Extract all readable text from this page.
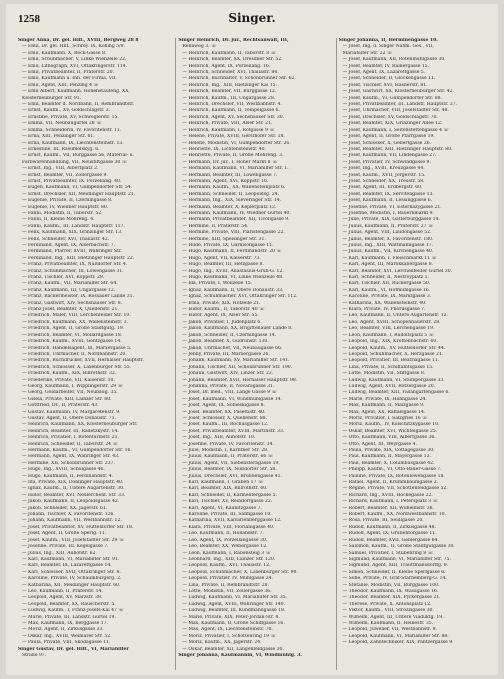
1258	Singer.
Singer Anna, Dr. gel. Hilf., XVIII, Bergweg 28 8
— Emil, Dr. gel. Hilf., Schrey. IX, Kolling 5/9.
— Emil, Kaufmann, X, Beck-Gasse 8.
— Emil, Schuhmacher, V, Linke Wienzeile 22.
— Emil, Lithograph, XVI, Ottakringerstr. 114.
— Emil, Privatbeamter, II, Praterstr. 20.
— Emil, Kaufmann u. Inh. der Firma, VII.
— Emil, Agent, XIII, Penzing 4 ☏
— Emil Albert, Kaufmann, Hohenstaufeng. XX,
Klosterneuburger Str. 91.
— Emil, Beamter d. Nordbahn, II, Rembrandtstr.
— Ernst, Kaufm., XV, Goldschlagstr. 3.
— Ernstine, Private, XV, Schweglerstr. 15.
— Emma, VII, Neubaugürtel 28 ☏
— Emma, Schneiderin, IV, Favoritenstr. 11.
— Erna, XIII, Penzinger Str. 61.
— Erna, Kaufmann, IX, Liechtensteinstr. 13.
— Ernestine, III, Rasumofskyg. 6.
— Ernst, Kaufm., VII, Burggasse 56, Material- u.
Farbwarenhandlung, VII, Neustiftgasse 30 ☏
— Ernst, Ing., VIII, Albertplatz 2.
— Ernst, Beamter, VII, Zollergasse 9.
— Ernst, Privatbeamter, IX, Porzellang. 40.
— Eugen, Kaufmann, VI, Gumpendorfer Str. 54.
— Ernst, Drechsler, XII, Meidlinger Hauptstr. 21.
— Eugenie, Private, II, Czerningasse 8.
— Eugenie, IV, Wiedner Hauptstr. 80.
— Fanni, Modistin, II, Taborstr. 52.
— Fanni, II, Kleine Mohreng. 4.
— Fanni, Kaufm., III, Landstr. Hauptstr. 117.
— Felix, Kaufmann, XIX, Grinzinger Str. 13.
— Felix, Schneider, XVI, Thaliastr. 42.
— Ferdinand, Agent, IX, Alserbachstr. 7.
— Ferdinand, Pfarrer, XVIII, Währinger Str.
— Ferdinand, Ing., XIII, Hietzinger Hauptstr. 22.
— Franz, Privatbeamter, IX, Nußdorfer Str. 4.
— Franz, Schuhmacher, III, Löwengasse 31.
— Franz, Tischler, XVI, Koppstr. 29.
— Franz, Kaufm., VII, Mariahilfer Str. 64.
— Franz, Kaufmann, III, Ungargasse 12.
— Franz, Bäckermeister, IX, Rossauer Lände 31.
— Franz, Gastwirt, XIV, Sechshauser Str. 8.
— Franz Josef, Beamter, X, Quellenstr. 21.
— Friedrich, Maler, VIII, Lerchenfelder Str. 10.
— Friedrich, Kaufmann, XX, Wallensteinstr. 3.
— Friedrich, Agent, II, Große Stadtgutg. 19.
— Friedrich, Beamter, VI, Mollardgasse 18.
— Friedrich, Kaufm., XVIII, Gentzgasse 14.
— Friedrich, Handelsagent, III, Marxergasse 5.
— Friedrich, Uhrmacher, II, Nordbahnstr. 20.
— Friedrich, Buchdrucker, XVII, Hernalser Hauptstr.
— Friedrich, Schlosser, X, Laxenburger Str. 55.
— Friedrich, Kaufm., XIX, Billrothstr. 32.
— Friederike, Private, VII, Kaiserstr. 10.
— Georg, Kaufmann, I, Wipplingerstr. 29 ☏
— Georg, Goldarbeiter, VII, Neubaug. 35.
— Gisela, Private, XIII, Lainzer Str. 60.
— Gottfried, Dr., II, Praterstr. 43.
— Gustav, Kaufmann, IV, Margaretenstr. 9.
— Gustav, Agent, II, Obere Donaustr. 71.
— Heinrich, Kaufmann, XX, Klosterneuburger Str.
— Heinrich, Beamter, III, Radetzkystr. 14.
— Heinrich, Privatier, I, Rotenturmstr. 21.
— Heinrich, Schneider, II, Taborstr. 24 ☏
— Hermann, Kaufm., VI, Gumpendorfer Str. 16.
— Hermann, Agent, IX, Währinger Str. 43.
— Hermine, XII, Schönbrunner Str. 237.
— Hugo, Ing., XVIII, Schulgasse 46.
— Hugo, Kaufmann, II, Ferdinandstr. 4.
— Ida, Private, XIX, Döblinger Hauptstr. 40.
— Ignaz, Kaufm., II, Untere Augartenstr. 30.
— Isidor, Beamter, XVI, Neulerchenf. Str. 33.
— Jakob, Kaufmann, II, Leopoldsgasse 42.
— Jakob, Schneider, XX, Jägerstr. 61.
— Johann, Tischler, X, Favoritenstr. 126.
— Johann, Kaufmann, VII, Westbahnstr. 12.
— Josef, Privatbeamter, XV, Hütteldorfer Str. 18.
— Josef, Agent, II, Große Sperlg. 11.
— Josef, Kaufm., VIII, Josefstädter Str. 29 ☏
— Josefine, Private, III, Kegelgasse 7.
— Julius, Ing., XIII, Auhofstr. 62.
— Karl, Kaufmann, VI, Mariahilfer Str. 91.
— Karl, Beamter, IX, Lazarettgasse 14.
— Karl, Schlosser, XVII, Ottakringer Str. 8.
— Karoline, Private, IV, Schaumburgerg. 2.
— Katharina, XII, Meidlinger Hauptstr. 60.
— Leo, Kaufmann, II, Praterstr. 14.
— Leopold, Agent, XV, Märzstr. 38.
— Leopold, Beamter, XX, Rauscherstr. 5.
— Ludwig, Kaufm., I, Franz-Josefs-Kai 47 ☏
— Marie, Private, III, Landstr. Gürtel 19.
— Max, Kaufmann, IX, Berggasse 17.
— Moriz, Agent, II, Zirkusgasse 33.
— Oskar, Ing., XVIII, Weimarer Str. 52.
— Paula, Private, VIII, Skodagasse 11.
Singer Gustav, Dr. gel. Hilf., VI, Mariahilfer
Straße 97.
Singer Heinrich, Dr. jur., Rechtsanwalt, III,
Rennweg 3. ☏
— Heinrich, Kaufmann, II, Taborstr. 8 ☏
— Heinrich, Beamter, XX, Dresdner Str. 52.
— Heinrich, Agent, IX, Porzellang. 16.
— Heinrich, Schneider, XVI, Thaliastr. 84.
— Heinrich, Buchhalter, V, Schönbrunner Str. 62.
— Heinrich, Ing., XIII, Hietzinger Kai 15.
— Heinrich, Beamter, VII, Burggasse 12.
— Heinrich, Kaufm., III, Ungargasse 28.
— Heinrich, Drechsler, VII, Westbahnstr. 4.
— Heinrich, Kaufmann, II, Tempelgasse 6.
— Heinrich, Agent, XV, Sechshauser Str. 30.
— Heinrich, Private, VIII, Alser Str. 21.
— Heinrich, Kaufmann, I, Rotgasse 9 ☏
— Helene, Private, XVIII, Gersthofer Str. 18.
— Helene, Modistin, VI, Gumpendorfer Str. 26.
— Henriette, IX, Lichtensteinstr. 40.
— Henriette, Private, II, Große Mohreng. 3.
— Hermann, Dr. jur., I, Hoher Markt 8 ☏
— Hermann, Kaufmann, VI, Mariahilfer Str. 1.
— Hermann, Beamter, III, Löwengasse 7.
— Hermann, Agent, XVI, Koppstr. 16.
— Hermann, Kaufm., XX, Wallensteinplatz 6.
— Hermann, Schneider, II, Leopoldsg. 24.
— Hermann, Ing., XIX, Sieveringer Str. 14.
— Hermann, Beamter, X, Keplerplatz 12.
— Hermann, Kaufmann, IV, Wiedner Gürtel 40.
— Hermann, Privatbeamter, XII, Tivoligasse 9.
— Hermine, II, Praterstr. 54.
— Hermine, Private, VIII, Piaristengasse 22.
— Hermine, XIII, Speisinger Str. 31.
— Hilde, Private, IX, Garnisongasse 11.
— Hugo, Kaufmann, II, Ferdinandstr. 20 ☏
— Hugo, Agent, VII, Kaiserstr. 73.
— Hugo, Beamter, III, Hetzgasse 8.
— Hugo, Ing., XVIII, Anastasius-Grün-G. 12.
— Hugo, Kaufmann, VI, Linke Wienzeile 48.
— Ida, Private, I, Wollzeile 15.
— Ignaz, Kaufmann, II, Obere Donaustr. 33.
— Ignaz, Schuhmacher, XVI, Ottakringer Str. 112.
— Irma, Private, XIX, Hofzeile 21.
— Isidor, Kaufm., II, Taborstr. 40 ☏
— Isidor, Agent, IX, Alser Str. 55.
— Jakob, Privatier, I, Judenplatz 6.
— Jakob, Kaufmann, XX, Brigittenauer Lände 8.
— Jakob, Schneider, II, Czerningasse 14.
— Jakob, Beamter, X, Gudrunstr. 130.
— Jakob, Uhrmacher, VII, Neubaugasse 66.
— Jenny, Private, III, Marxergasse 26.
— Johann, Kaufmann, XV, Mariahilfer Str. 141.
— Johann, Tischler, XII, Schönbrunner Str. 190.
— Johann, Gastwirt, XIV, Linzer Str. 22.
— Johann, Beamter, XVII, Hernalser Hauptstr. 98.
— Johanna, Private, II, Novaragasse 31.
— Josef, Dr. med., VIII, Lange Gasse 9 ☏
— Josef, Kaufmann, VI, Windmühlgasse 14.
— Josef, Agent, IX, Sobieskigasse 8.
— Josef, Beamter, XX, Pasettistr. 40.
— Josef, Schlosser, X, Quellenstr. 88.
— Josef, Kaufm., III, Rochusgasse 12.
— Josef, Privatbeamter, XVIII, Martinstr. 33.
— Josef, Ing., XIII, Auhofstr. 10.
— Josefine, Private, IV, Favoritenstr. 34.
— Julie, Modistin, I, Kärntner Str. 28.
— Julius, Kaufmann, II, Praterstr. 66 ☏
— Julius, Agent, VII, Siebensterngasse 19.
— Julius, Beamter, IX, Nußdorfer Str. 58.
— Julius, Drechsler, XVI, Brunnengasse 41.
— Karl, Kaufmann, I, Graben 17 ☏
— Karl, Beamter, XIX, Billrothstr. 60.
— Karl, Schneider, II, Karmelitergasse 5.
— Karl, Tischler, XV, Reindorfgasse 22.
— Karl, Agent, VI, Kaunitzgasse 7.
— Karoline, Private, III, Salmgasse 10.
— Katharina, XVII, Kalvarienberggasse 12.
— Klara, Private, VIII, Florianigasse 40.
— Leo, Kaufmann, II, Hollandstr. 7.
— Leo, Agent, IX, Porzellangasse 30.
— Leo, Beamter, XX, Webergasse 12.
— Leon, Kaufmann, I, Rabensteig 3 ☏
— Leonhard, Ing., XIII, Lainzer Str. 120.
— Leopold, Kaufm., XVI, Thaliastr. 12.
— Leopold, Schuhmacher, X, Laxenburger Str. 90.
— Leopold, Privatier, IV, Mühlgasse 24.
— Lina, Private, II, Rembrandtstr. 28.
— Lotte, Modistin, VII, Zollergasse 36.
— Ludwig, Kaufmann, VI, Mariahilfer Str. 35.
— Ludwig, Agent, XVIII, Währinger Str. 140.
— Ludwig, Beamter, III, Kundmanngasse 18.
— Marie, Private, XIX, Peter-Jordan-Str. 8.
— Max, Kaufmann, II, Große Schiffgasse 16.
— Max, Agent, IX, Liechtensteinstr. 70.
— Moriz, Privatier, I, Schottenring 19 ☏
— Moriz, Kaufm., XX, Jägerstr. 24.
— Oskar, Beamter, XII, Längenfeldgasse 30.
Singer Johanna, Kaufmännin, VI, Windmühlg. 3.
Singer Johanna, II, Herminengasse 10.
— Josef, Ing. d. Singer Nähm. Ges., VII,
Mariahilfer Str. 22 ☏
— Josef, Kaufmann, XII, Rotenmühlgasse 30.
— Josef, Beamter, IV, Rainergasse 15.
— Josef, Agent, IX, Lazarettgasse 5.
— Josef, Schneider, II, Glockengasse 11.
— Josef, Tischler, XVI, Hasnerstr. 81.
— Josef, Gastwirt, XX, Klosterneuburger Str. 42.
— Josef, Kaufm., VI, Gumpendorfer Str. 88.
— Josef, Privatbeamter, III, Landstr. Hauptstr. 37.
— Josef, Uhrmacher, VIII, Josefstädter Str. 48.
— Josef, Drechsler, XV, Goldschlagstr. 70.
— Josef, Beamter, XIX, Grinzinger Allee 12.
— Josef, Kaufmann, I, Seitenstettengasse 4 ☏
— Josef, Agent, II, Große Pfarrgasse 19.
— Josef, Schlosser, X, Gellertgasse 26.
— Josef, Beamter, XIII, Hietzinger Hauptstr. 80.
— Josef, Kaufmann, VII, Lindengasse 27.
— Josef, Privatier, IV, Schwindgasse 9.
— Josef, Ing., XVIII, Kreuzgasse 44.
— Josef, Kaufm., XVII, Jörgerstr. 15.
— Josef, Schneider, XX, Treustr. 58.
— Josef, Agent, III, Erdbergstr. 60.
— Josef, Beamter, IX, Servitengasse 13.
— Josef, Kaufmann, II, Lessinggasse 6.
— Josefine, Private, VI, Esterhazygasse 21.
— Josefine, Modistin, I, Bauernmarkt 9.
— Julie, Private, XIX, Gatterburggasse 14.
— Julius, Kaufmann, II, Praterstr. 27 ☏
— Julius, Agent, VIII, Laudongasse 52.
— Julius, Beamter, X, Favoritenstr. 180.
— Julius, Ing., XIII, Wattmanngasse 17.
— Julius, Kaufm., VII, Kirchengasse 40.
— Karl, Kaufmann, I, Fleischmarkt 11 ☏
— Karl, Agent, III, Marokkanergasse 8.
— Karl, Beamter, XVI, Lerchenfelder Gürtel 30.
— Karl, Schneider, II, Nestroyplatz 1.
— Karl, Tischler, XII, Ruckergasse 50.
— Karl, Kaufm., VI, Hofmühlgasse 16.
— Karoline, Private, IX, Marktgasse 3.
— Katharina, XX, Wallensteinstr. 40.
— Klara, Private, IV, Phorusgasse 7.
— Leo, Kaufmann, II, Untere Augartenstr. 12.
— Leo, Agent, XVIII, Schopenhauerstr. 28.
— Leo, Beamter, VIII, Lerchengasse 19.
— Leon, Kaufmann, I, Rudolfsplatz 5 ☏
— Leopold, Ing., XIX, Krottenbachstr. 60.
— Leopold, Kaufm., XV, Hütteldorfer Str. 44.
— Leopold, Schuhmacher, X, Herzgasse 21.
— Leopold, Privatier, III, Beatrixgasse 11.
— Lina, Private, II, Schiffamtsgasse 15.
— Lotte, Modistin, VII, Stiftgasse 8.
— Ludwig, Kaufmann, VI, Stumpergasse 33.
— Ludwig, Agent, XVII, Rötzergasse 20.
— Ludwig, Beamter, XIII, Fasangartengasse 6.
— Marie, Private, IX, Hahngasse 24.
— Max, Kaufmann, II, Malzgasse 9.
— Max, Agent, XX, Raffaelgasse 14.
— Moriz, Privatier, I, Salzgries 16 ☏
— Moriz, Kaufm., IV, Kolschitzkygasse 10.
— Oskar, Beamter, XVI, Wichtelgasse 25.
— Otto, Kaufmann, VIII, Albertgasse 36.
— Otto, Agent, III, Weyrgasse 4.
— Paula, Private, XIX, Cottagegasse 30.
— Paul, Kaufmann, II, Mayergasse 13.
— Paul, Beamter, X, Columbusgasse 42.
— Philipp, Kaufm., VI, Otto-Bauer-Gasse 7.
— Pauline, Private, IX, Rotenlöwengasse 18.
— Rafael, Agent, II, Krummbaumgasse 2.
— Regine, Private, VII, Schottenfeldgasse 52.
— Richard, Ing., XVIII, Hockegasse 22.
— Richard, Kaufmann, I, Petersplatz 3 ☏
— Robert, Beamter, XII, Wilhelmstr. 38.
— Robert, Kaufm., XX, Nordwestbahnstr. 10.
— Rosa, Private, III, Seidlgasse 20.
— Rudolf, Kaufmann, II, Zirkusgasse 48.
— Rudolf, Agent, IX, Grünentorgasse 11.
— Rudolf, Beamter, XVII, Geblergasse 64.
— Salomon, Kaufm., II, Große Stadtgutgasse 30.
— Samuel, Privatier, I, Stubenring 8 ☏
— Sigmund, Kaufmann, VI, Mariahilfer Str. 75.
— Sigmund, Agent, XIII, Trauttmansdorffg. 9.
— Simon, Schneider, II, Kleine Sperlgasse 6.
— Sofie, Private, IV, Graf-Starhemberg-G. 14.
— Stefanie, Modistin, VII, Burggasse 100.
— Theodor, Kaufmann, IX, Wasagasse 16.
— Theodor, Beamter, XIX, Pyrkergasse 21.
— Therese, Private, X, Antonsplatz 12.
— Viktor, Kaufm., VIII, Strozzigasse 30.
— Wilhelm, Agent, III, Untere Viaduktg. 19.
— Wilhelm, Kaufmann, II, Heinestr. 35.
— Leopold, Juwelier, VII, Westbahnstr. 9.
— Leopold, Kaufmann, VI, Mariahilfer Str. 88.
— Leopold, Zahntechniker, XIX, Pantzergasse 9.
